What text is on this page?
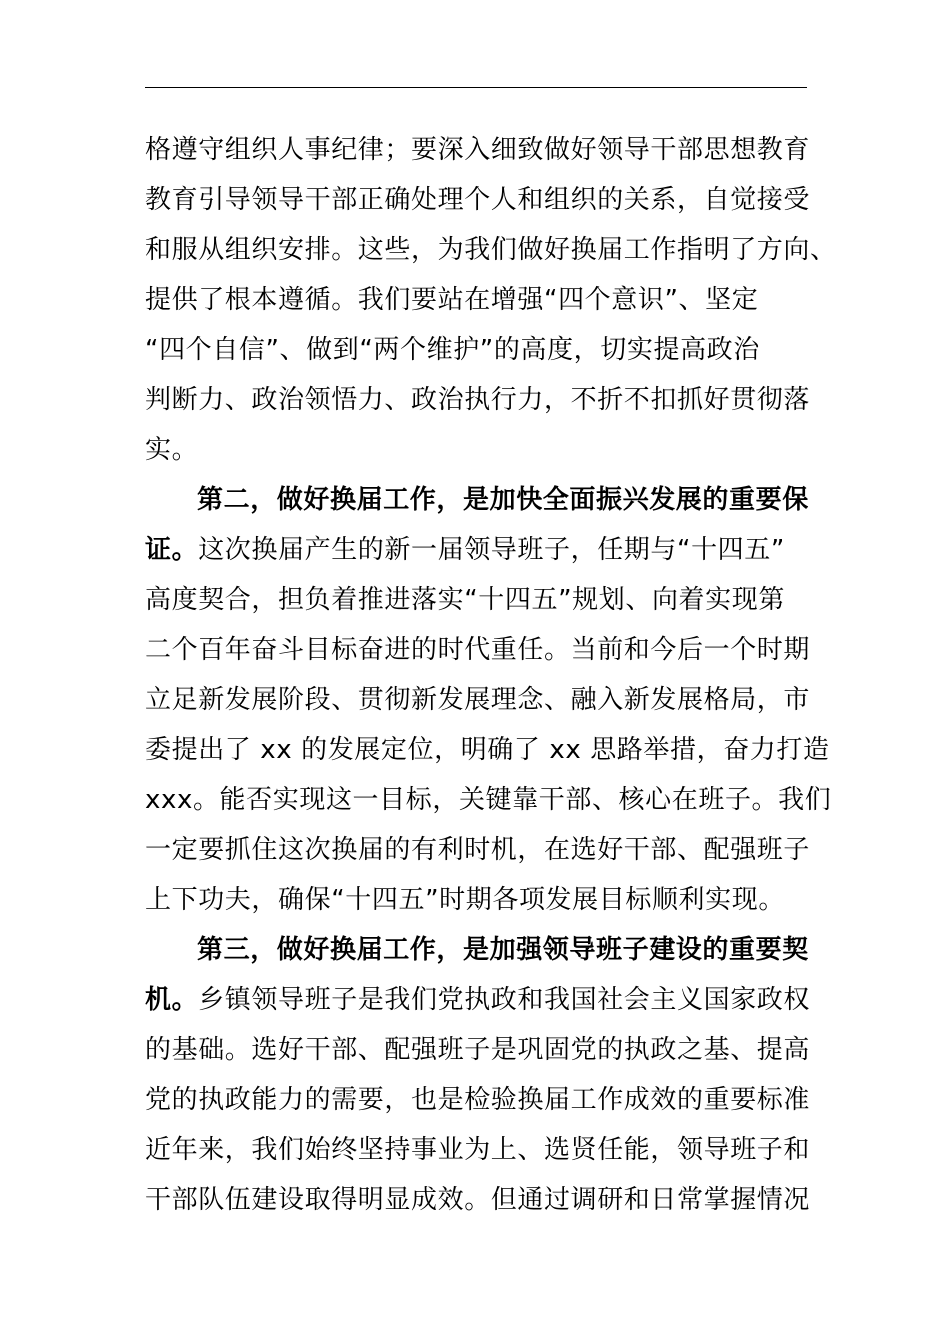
格遵守组织人事纪律；要深入细致做好领导干部思想教育
教育引导领导干部正确处理个人和组织的关系，自觉接受
和服从组织安排。这些，为我们做好换届工作指明了方向、
提供了根本遵循。我们要站在增强“四个意识”、坚定
“四个自信”、做到“两个维护”的高度，切实提高政治
判断力、政治领悟力、政治执行力，不折不扣抓好贯彻落
实。
第二，做好换届工作，是加快全面振兴发展的重要保
证。这次换届产生的新一届领导班子，任期与“十四五”
高度契合，担负着推进落实“十四五”规划、向着实现第
二个百年奋斗目标奋进的时代重任。当前和今后一个时期
立足新发展阶段、贯彻新发展理念、融入新发展格局，市
委提出了 xx 的发展定位，明确了 xx 思路举措，奋力打造
xxx。能否实现这一目标，关键靠干部、核心在班子。我们
一定要抓住这次换届的有利时机，在选好干部、配强班子
上下功夫，确保“十四五”时期各项发展目标顺利实现。
第三，做好换届工作，是加强领导班子建设的重要契
机。乡镇领导班子是我们党执政和我国社会主义国家政权
的基础。选好干部、配强班子是巩固党的执政之基、提高
党的执政能力的需要，也是检验换届工作成效的重要标准
近年来，我们始终坚持事业为上、选贤任能，领导班子和
干部队伍建设取得明显成效。但通过调研和日常掌握情况
